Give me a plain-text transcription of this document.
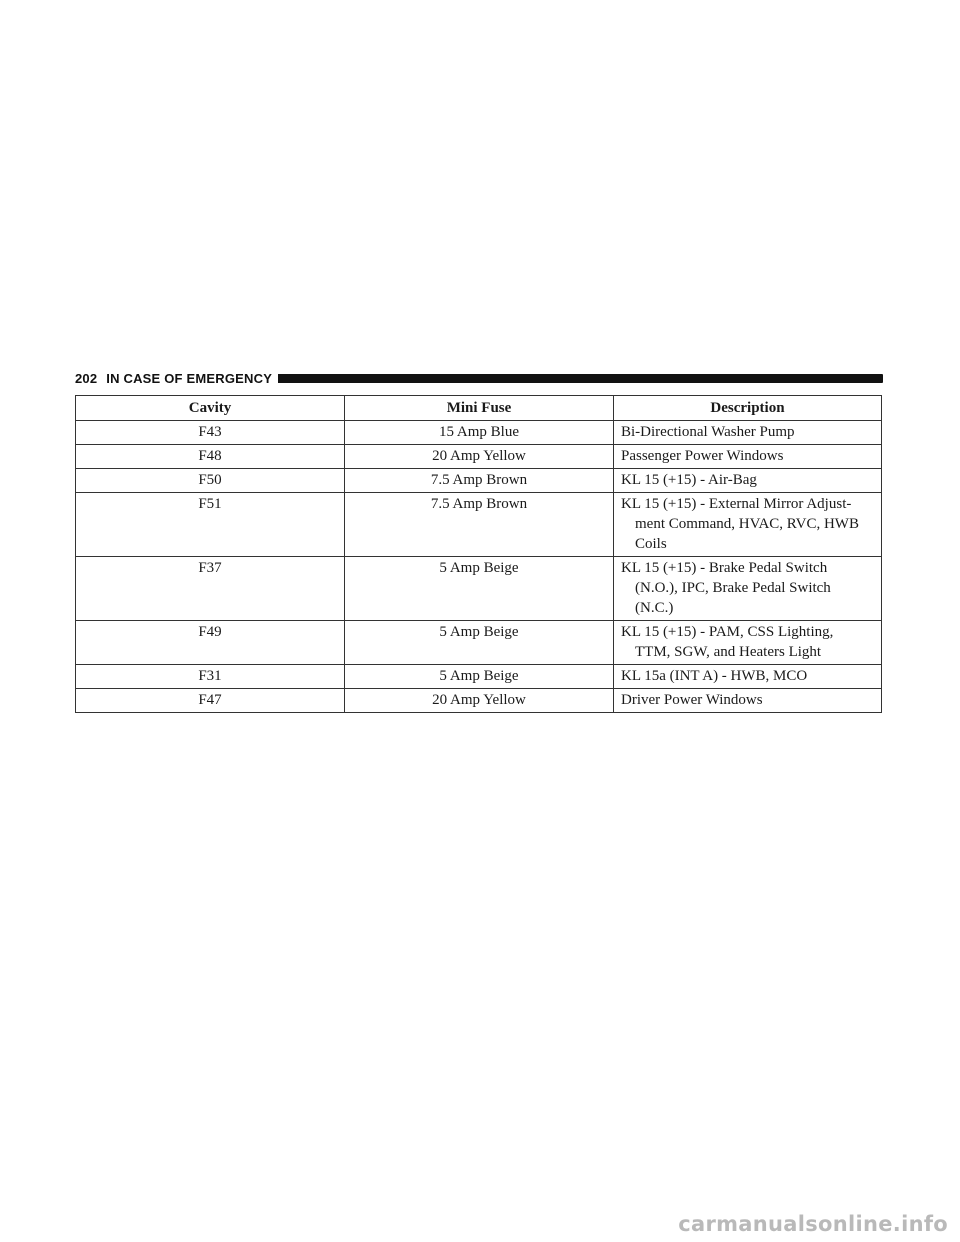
202 IN CASE OF EMERGENCY
Cavity	Mini Fuse	Description
F43	15 Amp Blue	Bi-Directional Washer Pump

F48	20 Amp Yellow	Passenger Power Windows

F50	7.5 Amp Brown	KL 15 (+15) - Air-Bag

F51	7.5 Amp Brown	KL 15 (+15) - External Mirror Adjust-
ment Command, HVAC, RVC, HWB
Coils

F37	5 Amp Beige	KL 15 (+15) - Brake Pedal Switch
(N.O.), IPC, Brake Pedal Switch
(N.C.)

F49	5 Amp Beige	KL 15 (+15) - PAM, CSS Lighting,
TTM, SGW, and Heaters Light

F31	5 Amp Beige	KL 15a (INT A) - HWB, MCO

F47	20 Amp Yellow	Driver Power Windows
carmanualsonline.info
